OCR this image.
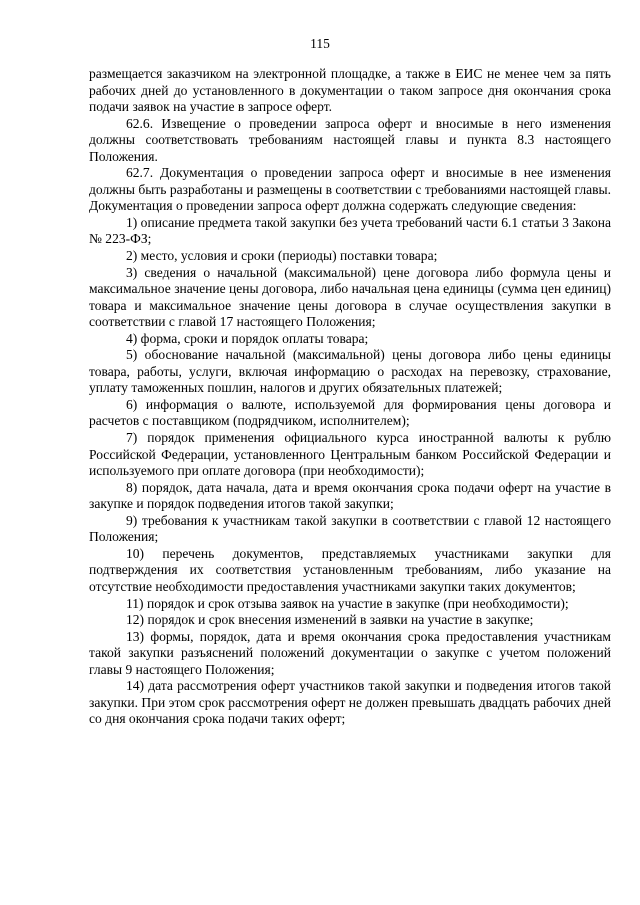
115

размещается заказчиком на электронной площадке, а также в ЕИС не менее чем за пять рабочих дней до установленного в документации о таком запросе дня окончания срока подачи заявок на участие в запросе оферт.

62.6. Извещение о проведении запроса оферт и вносимые в него изменения должны соответствовать требованиям настоящей главы и пункта 8.3 настоящего Положения.

62.7. Документация о проведении запроса оферт и вносимые в нее изменения должны быть разработаны и размещены в соответствии с требованиями настоящей главы. Документация о проведении запроса оферт должна содержать следующие сведения:

1) описание предмета такой закупки без учета требований части 6.1 статьи 3 Закона № 223-ФЗ;

2) место, условия и сроки (периоды) поставки товара;

3) сведения о начальной (максимальной) цене договора либо формула цены и максимальное значение цены договора, либо начальная цена единицы (сумма цен единиц) товара и максимальное значение цены договора в случае осуществления закупки в соответствии с главой 17 настоящего Положения;

4) форма, сроки и порядок оплаты товара;

5) обоснование начальной (максимальной) цены договора либо цены единицы товара, работы, услуги, включая информацию о расходах на перевозку, страхование, уплату таможенных пошлин, налогов и других обязательных платежей;

6) информация о валюте, используемой для формирования цены договора и расчетов с поставщиком (подрядчиком, исполнителем);

7) порядок применения официального курса иностранной валюты к рублю Российской Федерации, установленного Центральным банком Российской Федерации и используемого при оплате договора (при необходимости);

8) порядок, дата начала, дата и время окончания срока подачи оферт на участие в закупке и порядок подведения итогов такой закупки;

9) требования к участникам такой закупки в соответствии с главой 12 настоящего Положения;

10) перечень документов, представляемых участниками закупки для подтверждения их соответствия установленным требованиям, либо указание на отсутствие необходимости предоставления участниками закупки таких документов;

11) порядок и срок отзыва заявок на участие в закупке (при необходимости);

12) порядок и срок внесения изменений в заявки на участие в закупке;

13) формы, порядок, дата и время окончания срока предоставления участникам такой закупки разъяснений положений документации о закупке с учетом положений главы 9 настоящего Положения;

14) дата рассмотрения оферт участников такой закупки и подведения итогов такой закупки. При этом срок рассмотрения оферт не должен превышать двадцать рабочих дней со дня окончания срока подачи таких оферт;
